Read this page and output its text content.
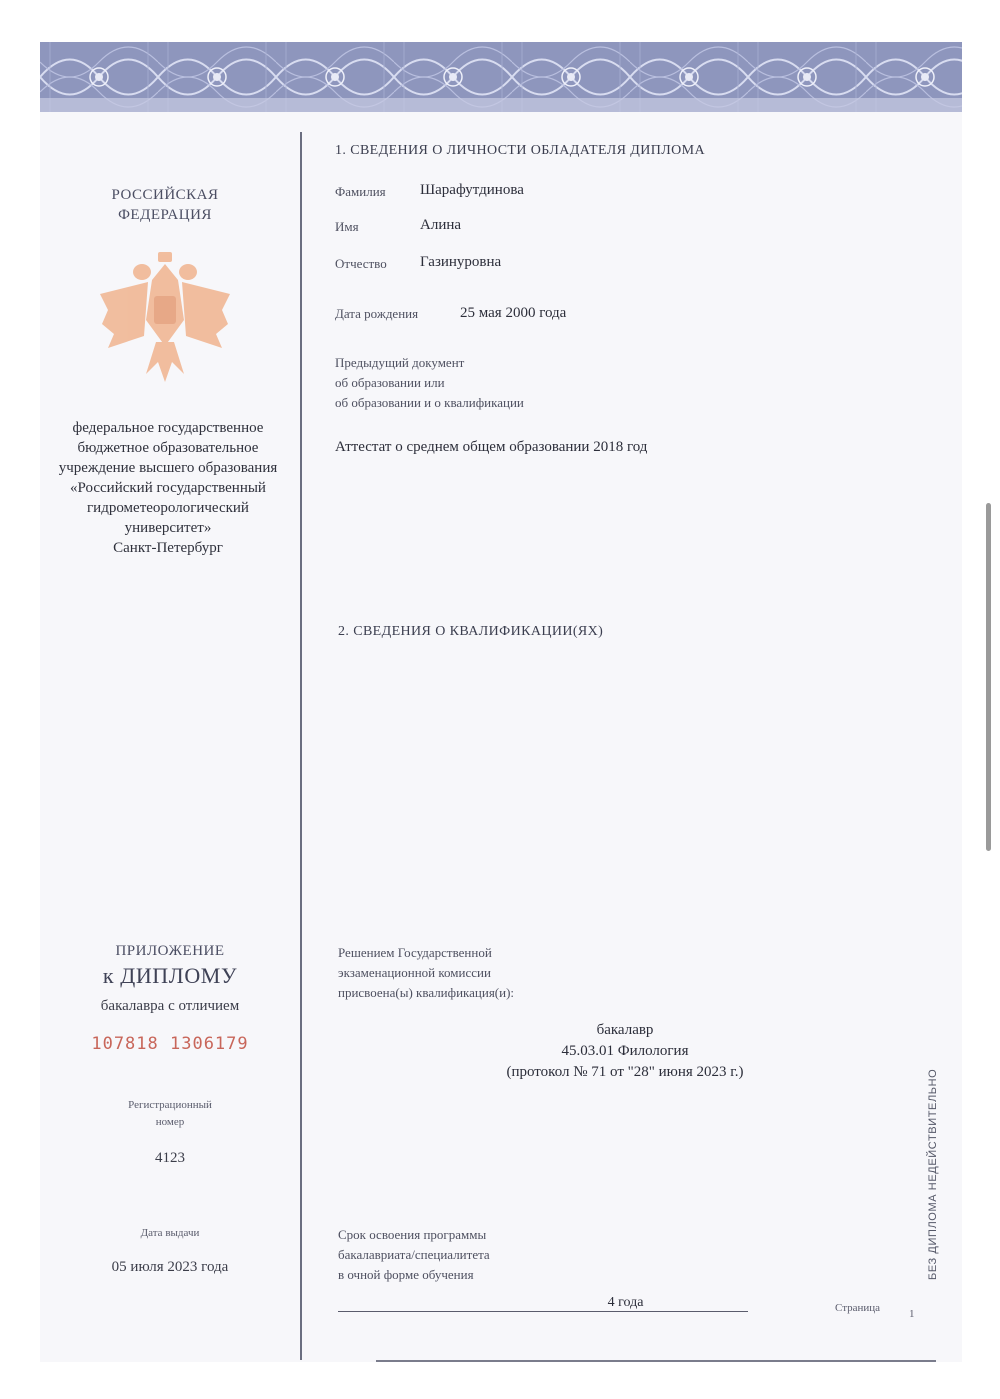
РОССИЙСКАЯ
ФЕДЕРАЦИЯ
федеральное государственное
бюджетное образовательное
учреждение высшего образования
«Российский государственный
гидрометеорологический
университет»
Санкт-Петербург
ПРИЛОЖЕНИЕ
к ДИПЛОМУ
бакалавра с отличием
107818 1306179
Регистрационный
номер
4123
Дата выдачи
05 июля 2023 года
1. СВЕДЕНИЯ О ЛИЧНОСТИ ОБЛАДАТЕЛЯ ДИПЛОМА
Фамилия Шарафутдинова
Имя	Алина
Отчество Газинуровна
Дата рождения	25 мая 2000 года
Предыдущий документ
об образовании или
об образовании и о квалификации
Аттестат о среднем общем образовании 2018 год
2. СВЕДЕНИЯ О КВАЛИФИКАЦИИ(ЯХ)
Решением Государственной
экзаменационной комиссии
присвоена(ы) квалификация(и):
бакалавр
45.03.01 Филология
(протокол № 71 от "28" июня 2023 г.)
Срок освоения программы
бакалавриата/специалитета
в очной форме обучения
4 года	Страница	1
БЕЗ ДИПЛОМА НЕДЕЙСТВИТЕЛЬНО
